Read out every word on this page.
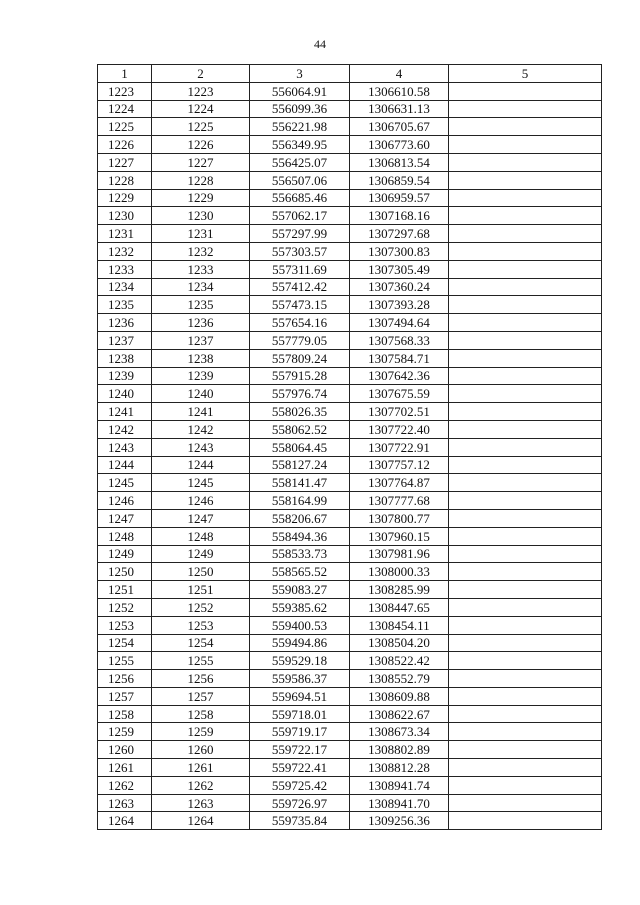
44
1	2	3	4	5
1223	1223	556064.91	1306610.58	
1224	1224	556099.36	1306631.13	
1225	1225	556221.98	1306705.67	
1226	1226	556349.95	1306773.60	
1227	1227	556425.07	1306813.54	
1228	1228	556507.06	1306859.54	
1229	1229	556685.46	1306959.57	
1230	1230	557062.17	1307168.16	
1231	1231	557297.99	1307297.68	
1232	1232	557303.57	1307300.83	
1233	1233	557311.69	1307305.49	
1234	1234	557412.42	1307360.24	
1235	1235	557473.15	1307393.28	
1236	1236	557654.16	1307494.64	
1237	1237	557779.05	1307568.33	
1238	1238	557809.24	1307584.71	
1239	1239	557915.28	1307642.36	
1240	1240	557976.74	1307675.59	
1241	1241	558026.35	1307702.51	
1242	1242	558062.52	1307722.40	
1243	1243	558064.45	1307722.91	
1244	1244	558127.24	1307757.12	
1245	1245	558141.47	1307764.87	
1246	1246	558164.99	1307777.68	
1247	1247	558206.67	1307800.77	
1248	1248	558494.36	1307960.15	
1249	1249	558533.73	1307981.96	
1250	1250	558565.52	1308000.33	
1251	1251	559083.27	1308285.99	
1252	1252	559385.62	1308447.65	
1253	1253	559400.53	1308454.11	
1254	1254	559494.86	1308504.20	
1255	1255	559529.18	1308522.42	
1256	1256	559586.37	1308552.79	
1257	1257	559694.51	1308609.88	
1258	1258	559718.01	1308622.67	
1259	1259	559719.17	1308673.34	
1260	1260	559722.17	1308802.89	
1261	1261	559722.41	1308812.28	
1262	1262	559725.42	1308941.74	
1263	1263	559726.97	1308941.70	
1264	1264	559735.84	1309256.36	
